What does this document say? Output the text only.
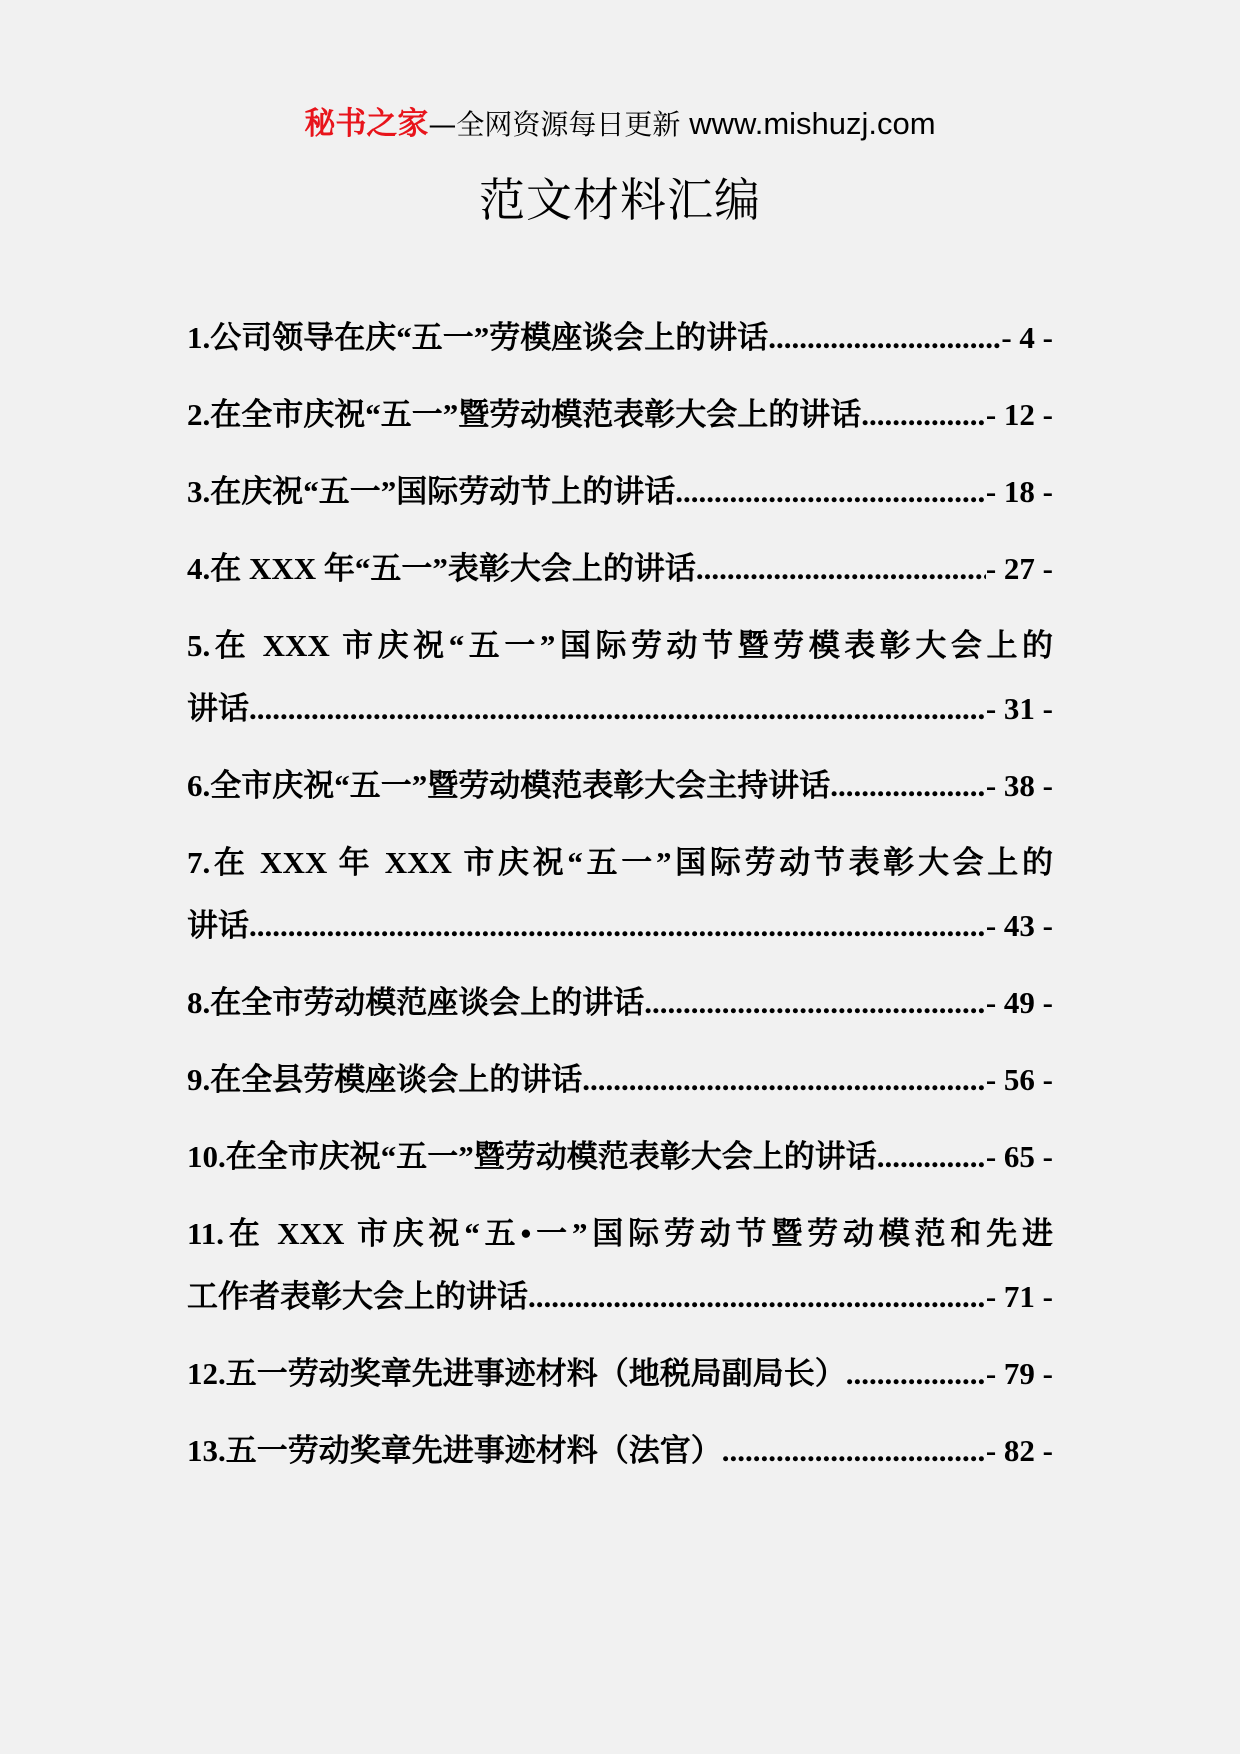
秘书之家—全网资源每日更新 www.mishuzj.com
范文材料汇编
1.公司领导在庆“五一”劳模座谈会上的讲话 .....	- 4 -
2.在全市庆祝“五一”暨劳动模范表彰大会上的讲话 .....	- 12 -
3.在庆祝“五一”国际劳动节上的讲话 .....	- 18 -
4.在 XXX 年“五一”表彰大会上的讲话 .....	- 27 -
5.在 XXX 市庆祝“五一”国际劳动节暨劳模表彰大会上的
讲话 .....	- 31 -
6.全市庆祝“五一”暨劳动模范表彰大会主持讲话 .....	- 38 -
7.在 XXX 年 XXX 市庆祝“五一”国际劳动节表彰大会上的
讲话 .....	- 43 -
8.在全市劳动模范座谈会上的讲话 .....	- 49 -
9.在全县劳模座谈会上的讲话 .....	- 56 -
10.在全市庆祝“五一”暨劳动模范表彰大会上的讲话 .....	- 65 -
11.在 XXX 市庆祝“五•一”国际劳动节暨劳动模范和先进
工作者表彰大会上的讲话 .....	- 71 -
12.五一劳动奖章先进事迹材料（地税局副局长） .....	- 79 -
13.五一劳动奖章先进事迹材料（法官） .....	- 82 -
